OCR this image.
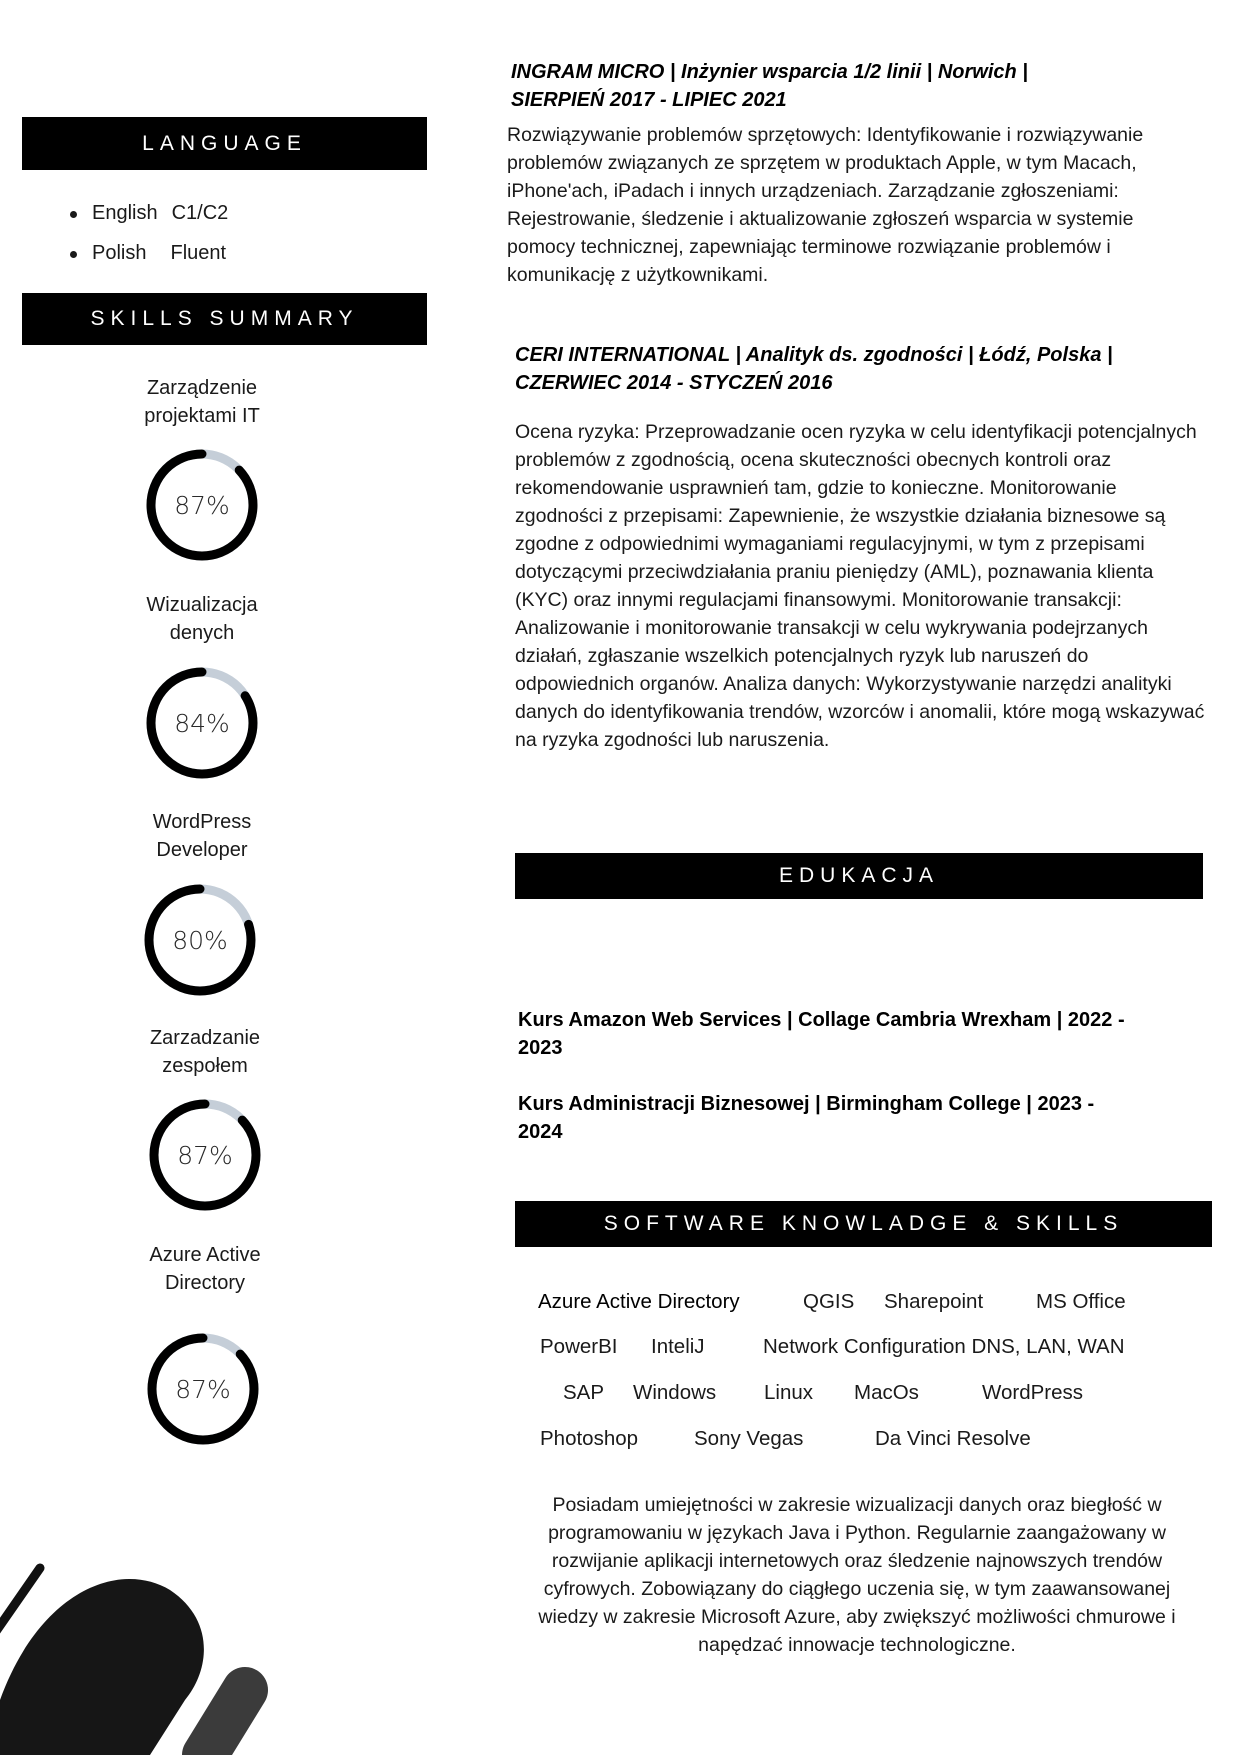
LANGUAGE
English C1/C2
Polish Fluent
SKILLS SUMMARY
Zarządzenie
projektami IT
87%
Wizualizacja
denych
84%
WordPress
Developer
80%
Zarzadzanie
zespołem
87%
Azure Active
Directory
87%
INGRAM MICRO | Inżynier wsparcia 1/2 linii | Norwich |
SIERPIEŃ 2017 - LIPIEC 2021
Rozwiązywanie problemów sprzętowych: Identyfikowanie i rozwiązywanie problemów związanych ze sprzętem w produktach Apple, w tym Macach, iPhone'ach, iPadach i innych urządzeniach. Zarządzanie zgłoszeniami: Rejestrowanie, śledzenie i aktualizowanie zgłoszeń wsparcia w systemie pomocy technicznej, zapewniając terminowe rozwiązanie problemów i komunikację z użytkownikami.
CERI INTERNATIONAL | Analityk ds. zgodności | Łódź, Polska |
CZERWIEC 2014 - STYCZEŃ 2016
Ocena ryzyka: Przeprowadzanie ocen ryzyka w celu identyfikacji potencjalnych problemów z zgodnością, ocena skuteczności obecnych kontroli oraz rekomendowanie usprawnień tam, gdzie to konieczne. Monitorowanie zgodności z przepisami: Zapewnienie, że wszystkie działania biznesowe są zgodne z odpowiednimi wymaganiami regulacyjnymi, w tym z przepisami dotyczącymi przeciwdziałania praniu pieniędzy (AML), poznawania klienta (KYC) oraz innymi regulacjami finansowymi. Monitorowanie transakcji: Analizowanie i monitorowanie transakcji w celu wykrywania podejrzanych działań, zgłaszanie wszelkich potencjalnych ryzyk lub naruszeń do odpowiednich organów. Analiza danych: Wykorzystywanie narzędzi analityki danych do identyfikowania trendów, wzorców i anomalii, które mogą wskazywać na ryzyka zgodności lub naruszenia.
EDUKACJA
Kurs Amazon Web Services | Collage Cambria Wrexham | 2022 -
2023
Kurs Administracji Biznesowej | Birmingham College | 2023 -
2024
SOFTWARE KNOWLADGE & SKILLS
Azure Active Directory	QGIS Sharepoint	MS Office
PowerBI InteliJ	Network Configuration DNS, LAN, WAN
SAP Windows Linux MacOs	WordPress
Photoshop	Sony Vegas	Da Vinci Resolve
Posiadam umiejętności w zakresie wizualizacji danych oraz biegłość w programowaniu w językach Java i Python. Regularnie zaangażowany w rozwijanie aplikacji internetowych oraz śledzenie najnowszych trendów cyfrowych. Zobowiązany do ciągłego uczenia się, w tym zaawansowanej wiedzy w zakresie Microsoft Azure, aby zwiększyć możliwości chmurowe i napędzać innowacje technologiczne.
